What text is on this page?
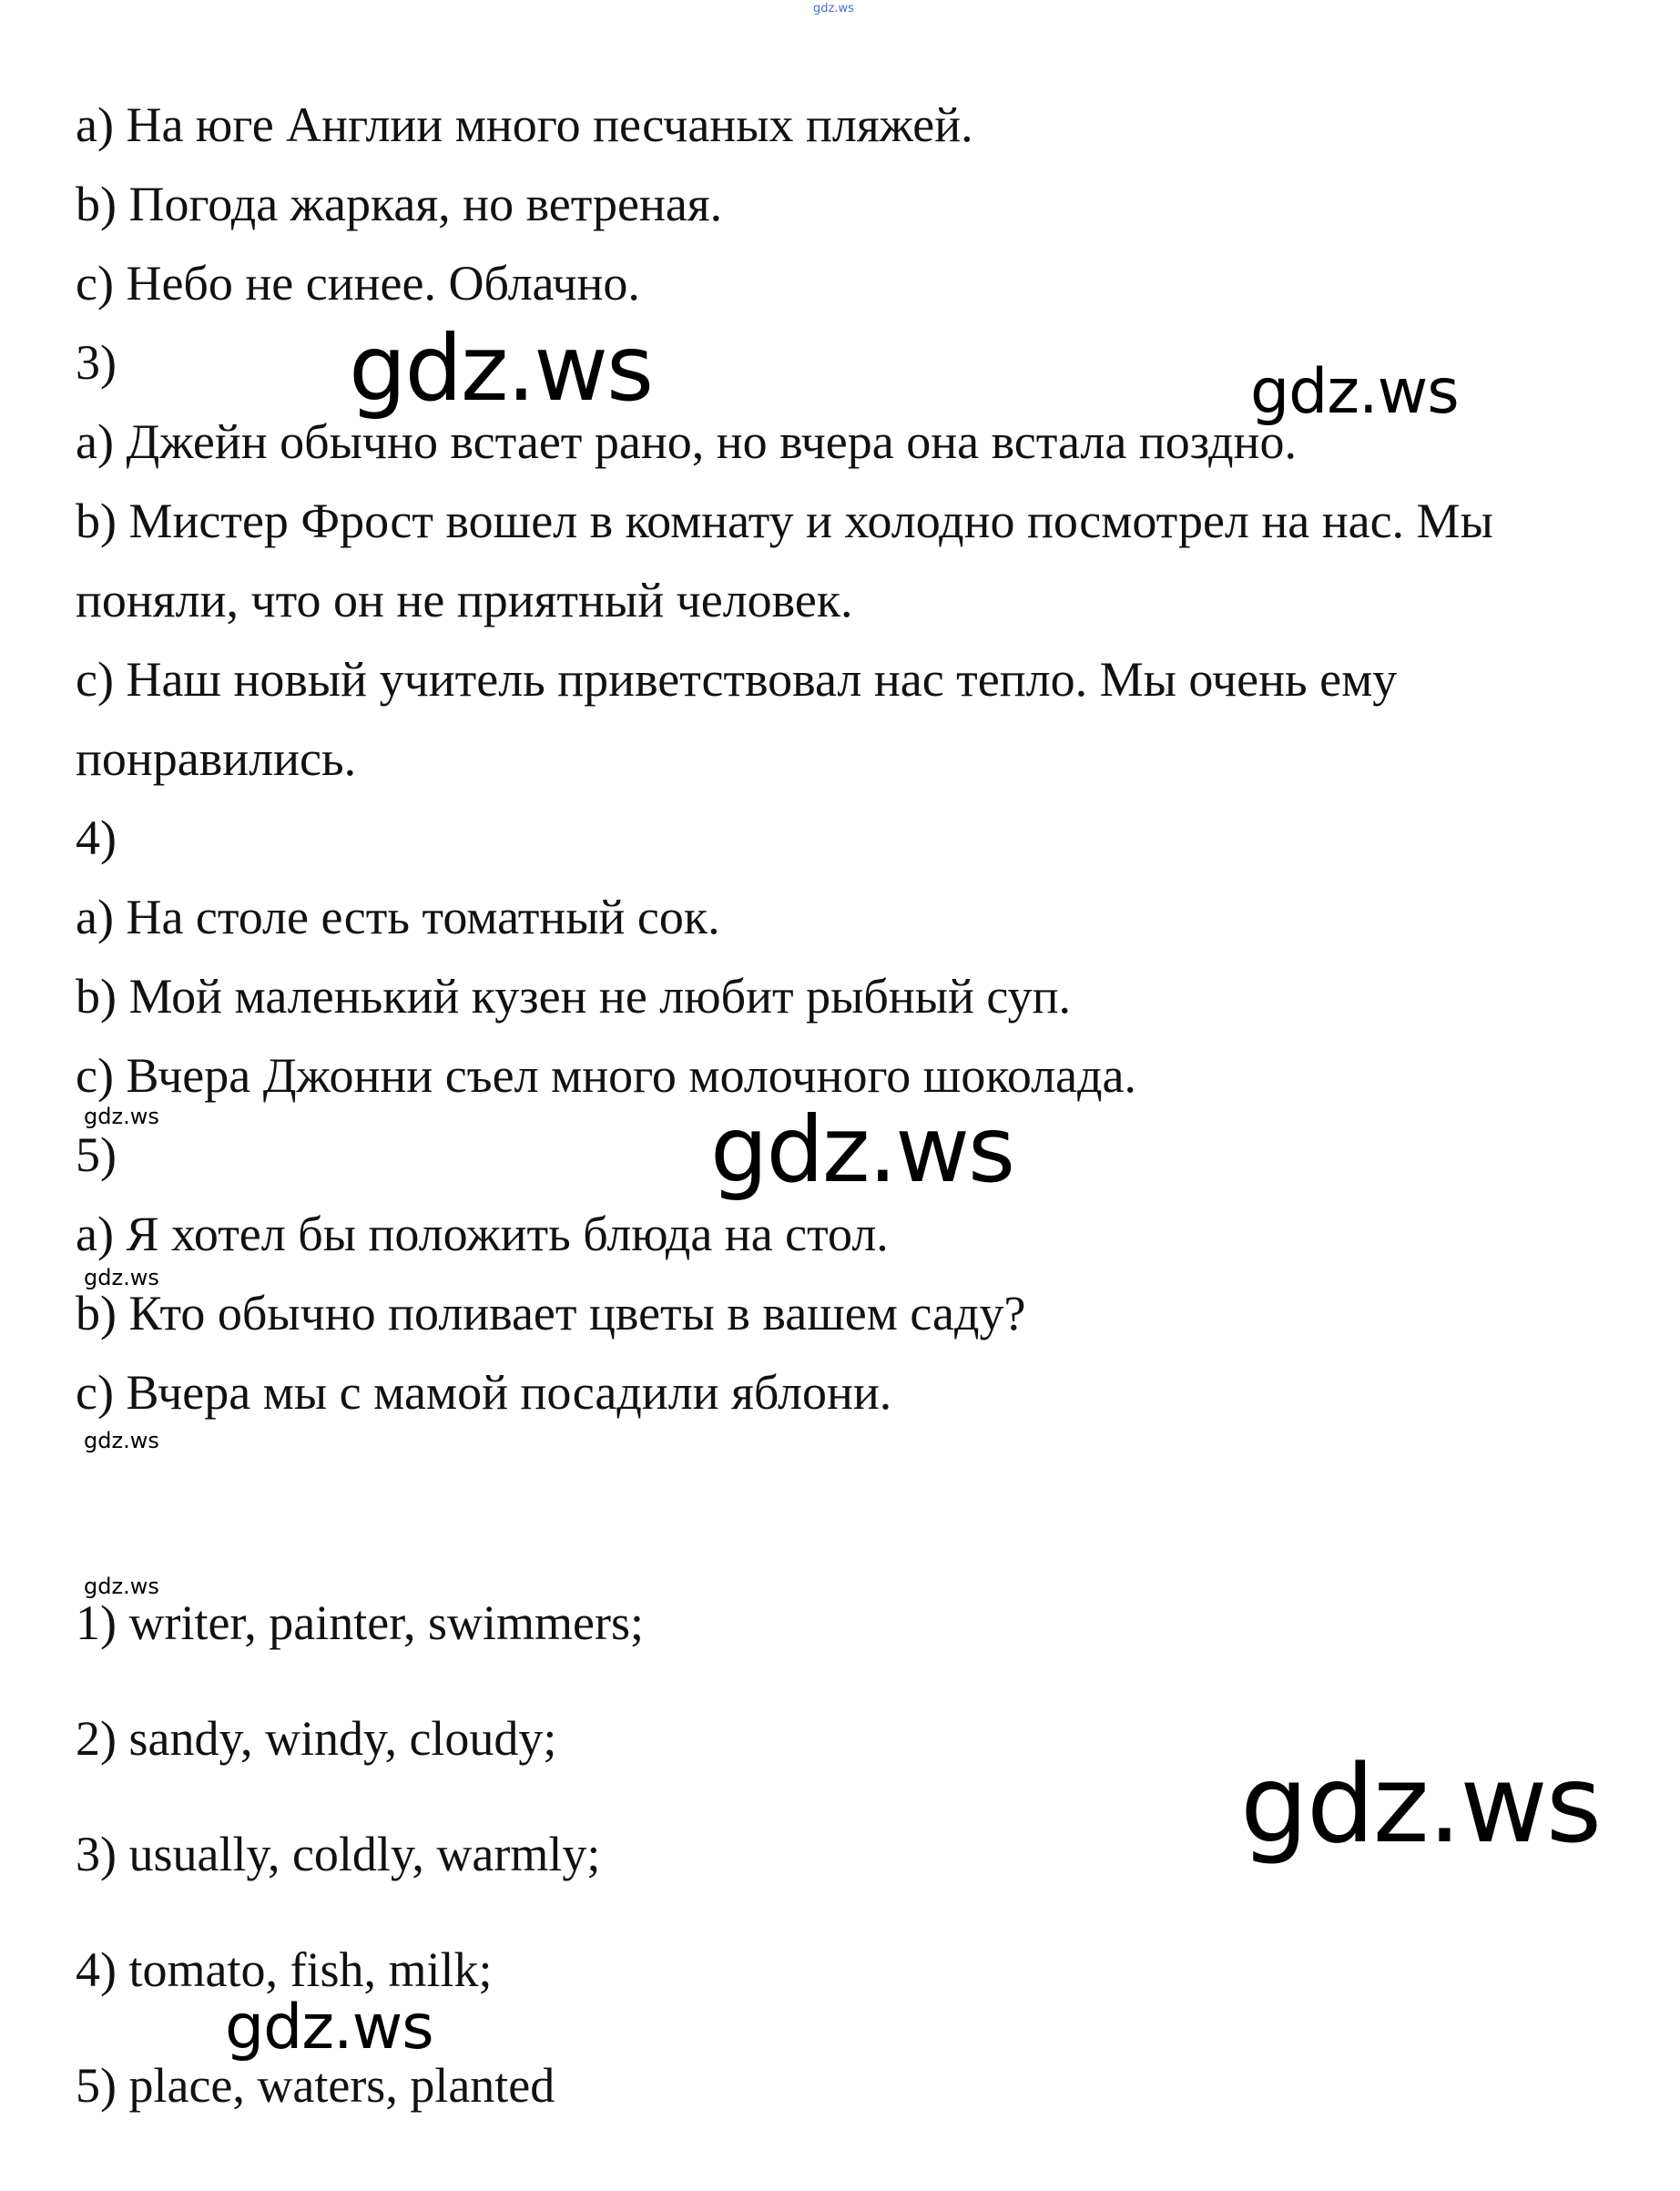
gdz.ws
a) На юге Англии много песчаных пляжей.
b) Погода жаркая, но ветреная.
c) Небо не синее. Облачно.
3)
a) Джейн обычно встает рано, но вчера она встала поздно.
b) Мистер Фрост вошел в комнату и холодно посмотрел на нас. Мы
поняли, что он не приятный человек.
c) Наш новый учитель приветствовал нас тепло. Мы очень ему
понравились.
4)
a) На столе есть томатный сок.
b) Мой маленький кузен не любит рыбный суп.
c) Вчера Джонни съел много молочного шоколада.
5)
a) Я хотел бы положить блюда на стол.
b) Кто обычно поливает цветы в вашем саду?
c) Вчера мы с мамой посадили яблони.
1) writer, painter, swimmers;
2) sandy, windy, cloudy;
3) usually, coldly, warmly;
4) tomato, fish, milk;
5) place, waters, planted
gdz.ws	gdz.ws
gdz.ws
gdz.ws
gdz.ws
gdz.ws
gdz.ws
gdz.ws
gdz.ws
